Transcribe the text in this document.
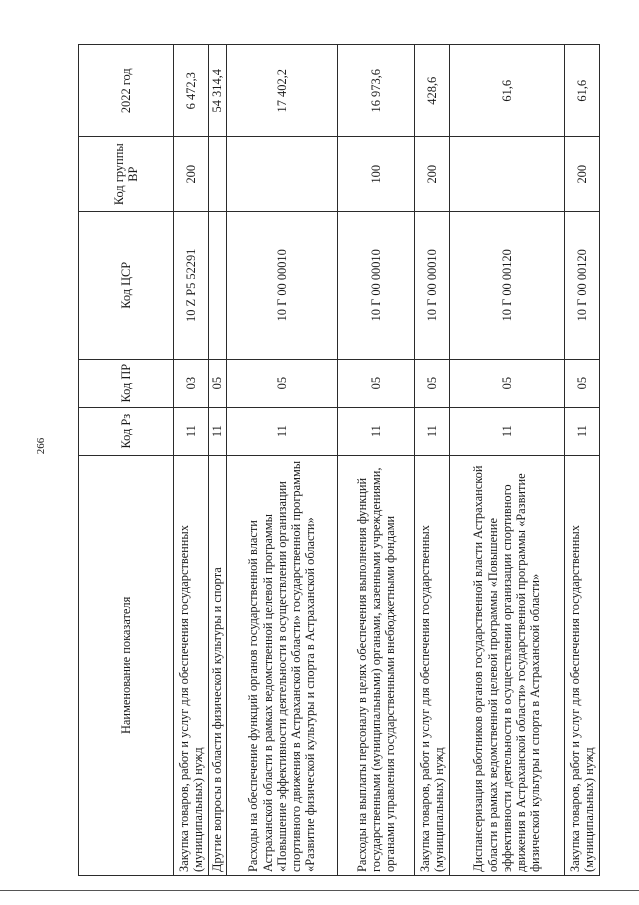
266
Наименование показателя	Код Рз	Код ПР	Код ЦСР	Код группы ВР	2022 год
Закупка товаров, работ и услуг для обеспечения государственных (муниципальных) нужд	11	03	10 Z P5 52291	200	6 472,3
Другие вопросы в области физической культуры и спорта	11	05			54 314,4
Расходы на обеспечение функций органов государственной власти Астраханской области в рамках ведомственной целевой программы «Повышение эффективности деятельности в осуществлении организации спортивного движения в Астраханской области» государственной программы «Развитие физической культуры и спорта в Астраханской области»	11	05	10 Г 00 00010		17 402,2
Расходы на выплаты персоналу в целях обеспечения выполнения функций государственными (муниципальными) органами, казенными учреждениями, органами управления государственными внебюджетными фондами	11	05	10 Г 00 00010	100	16 973,6
Закупка товаров, работ и услуг для обеспечения государственных (муниципальных) нужд	11	05	10 Г 00 00010	200	428,6
Диспансеризация работников органов государственной власти Астраханской области в рамках ведомственной целевой программы «Повышение эффективности деятельности в осуществлении организации спортивного движения в Астраханской области» государственной программы «Развитие физической культуры и спорта в Астраханской области»	11	05	10 Г 00 00120		61,6
Закупка товаров, работ и услуг для обеспечения государственных (муниципальных) нужд	11	05	10 Г 00 00120	200	61,6
